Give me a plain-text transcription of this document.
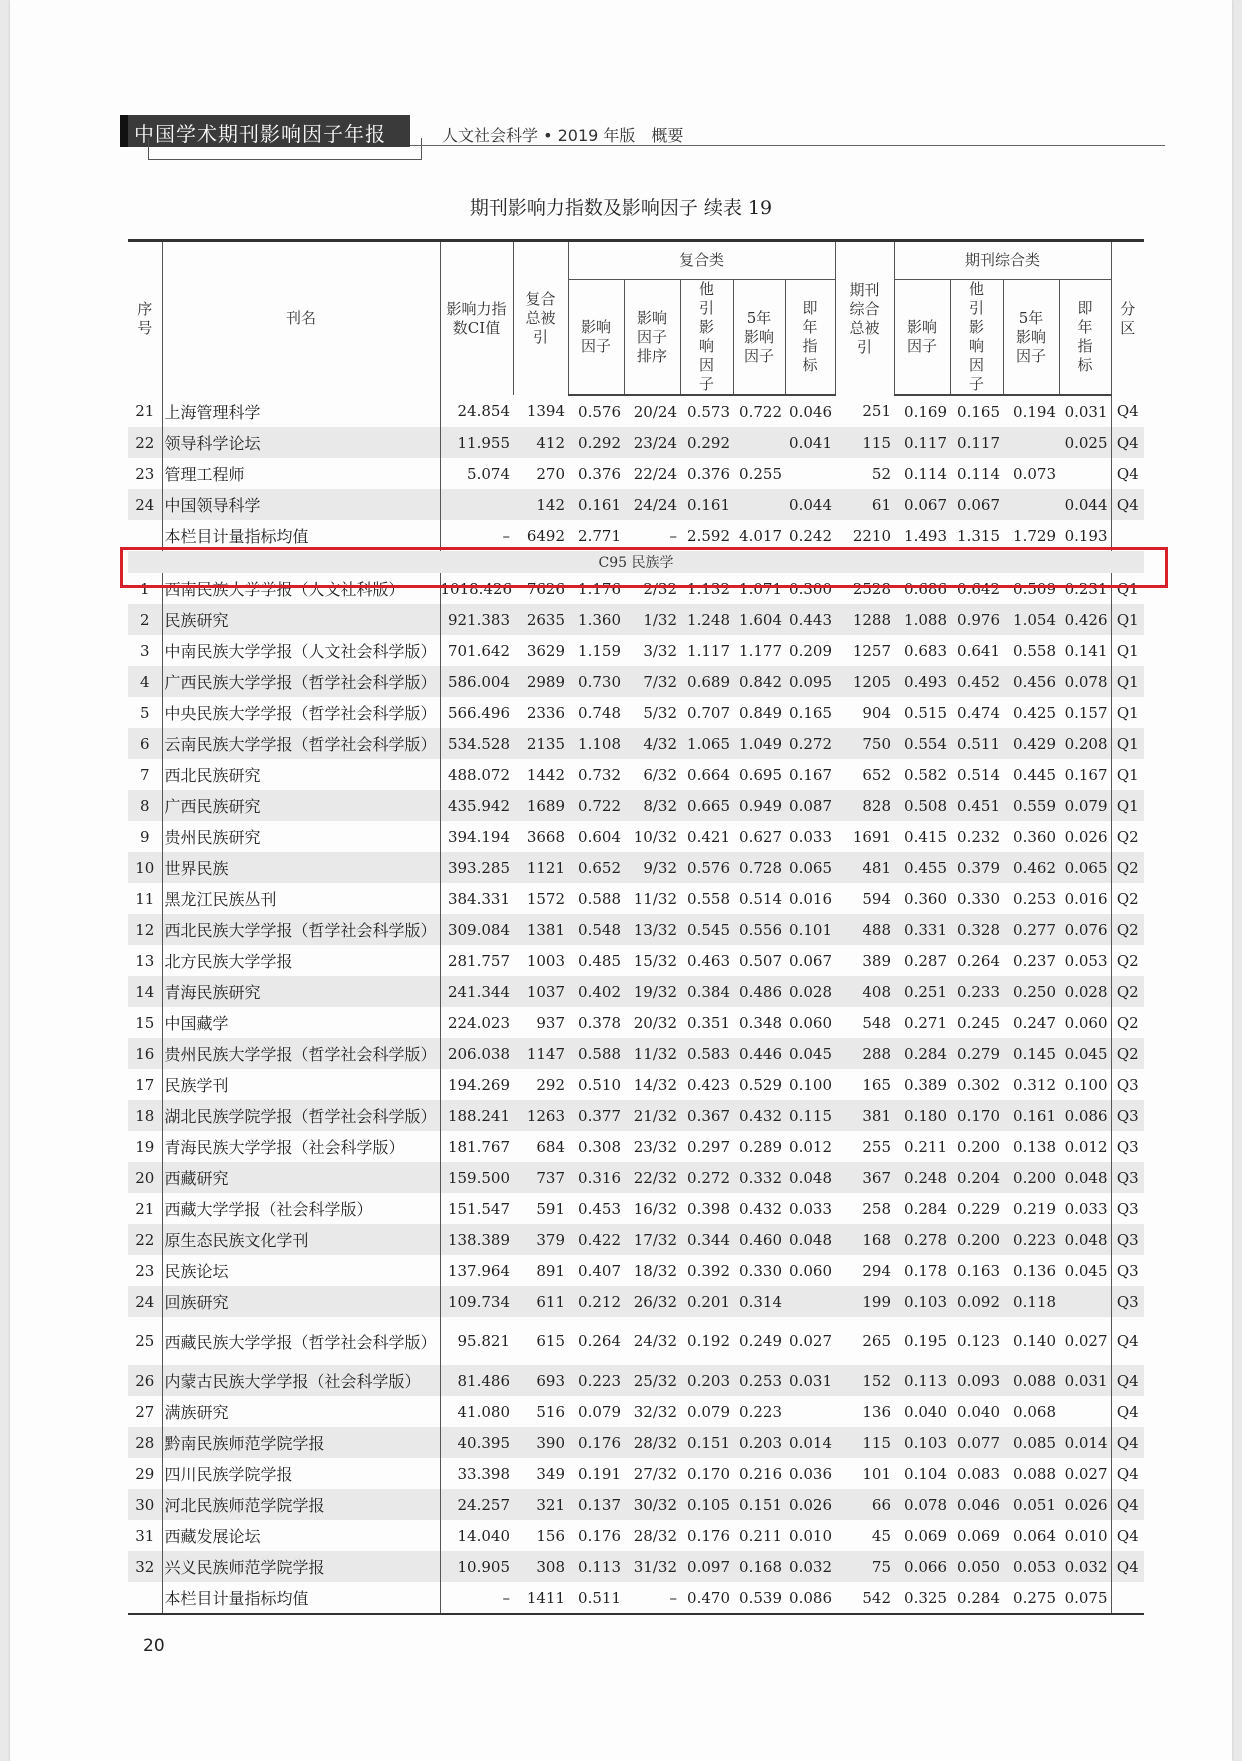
中国学术期刊影响因子年报	人文社会科学 • 2019 年版　概要
期刊影响力指数及影响因子 续表 19
序号	刊名	影响力指数CI值	复合总被引	复合类					期刊综合总被引	期刊综合类				分区
				影响因子	影响因子排序	他引影响因子	5年影响因子	即年指标		影响因子	他引影响因子	5年影响因子	即年指标	
21	上海管理科学	24.854	1394	0.576	20/24	0.573	0.722	0.046	251	0.169	0.165	0.194	0.031	Q4
22	领导科学论坛	11.955	412	0.292	23/24	0.292		0.041	115	0.117	0.117		0.025	Q4
23	管理工程师	5.074	270	0.376	22/24	0.376	0.255		52	0.114	0.114	0.073		Q4
24	中国领导科学		142	0.161	24/24	0.161		0.044	61	0.067	0.067		0.044	Q4
	本栏目计量指标均值	–	6492	2.771	–	2.592	4.017	0.242	2210	1.493	1.315	1.729	0.193	
C95 民族学														
1	西南民族大学学报（人文社科版）	1018.426	7626	1.176	2/32	1.132	1.071	0.300	2528	0.686	0.642	0.509	0.231	Q1
2	民族研究	921.383	2635	1.360	1/32	1.248	1.604	0.443	1288	1.088	0.976	1.054	0.426	Q1
3	中南民族大学学报（人文社会科学版）	701.642	3629	1.159	3/32	1.117	1.177	0.209	1257	0.683	0.641	0.558	0.141	Q1
4	广西民族大学学报（哲学社会科学版）	586.004	2989	0.730	7/32	0.689	0.842	0.095	1205	0.493	0.452	0.456	0.078	Q1
5	中央民族大学学报（哲学社会科学版）	566.496	2336	0.748	5/32	0.707	0.849	0.165	904	0.515	0.474	0.425	0.157	Q1
6	云南民族大学学报（哲学社会科学版）	534.528	2135	1.108	4/32	1.065	1.049	0.272	750	0.554	0.511	0.429	0.208	Q1
7	西北民族研究	488.072	1442	0.732	6/32	0.664	0.695	0.167	652	0.582	0.514	0.445	0.167	Q1
8	广西民族研究	435.942	1689	0.722	8/32	0.665	0.949	0.087	828	0.508	0.451	0.559	0.079	Q1
9	贵州民族研究	394.194	3668	0.604	10/32	0.421	0.627	0.033	1691	0.415	0.232	0.360	0.026	Q2
10	世界民族	393.285	1121	0.652	9/32	0.576	0.728	0.065	481	0.455	0.379	0.462	0.065	Q2
11	黑龙江民族丛刊	384.331	1572	0.588	11/32	0.558	0.514	0.016	594	0.360	0.330	0.253	0.016	Q2
12	西北民族大学学报（哲学社会科学版）	309.084	1381	0.548	13/32	0.545	0.556	0.101	488	0.331	0.328	0.277	0.076	Q2
13	北方民族大学学报	281.757	1003	0.485	15/32	0.463	0.507	0.067	389	0.287	0.264	0.237	0.053	Q2
14	青海民族研究	241.344	1037	0.402	19/32	0.384	0.486	0.028	408	0.251	0.233	0.250	0.028	Q2
15	中国藏学	224.023	937	0.378	20/32	0.351	0.348	0.060	548	0.271	0.245	0.247	0.060	Q2
16	贵州民族大学学报（哲学社会科学版）	206.038	1147	0.588	11/32	0.583	0.446	0.045	288	0.284	0.279	0.145	0.045	Q2
17	民族学刊	194.269	292	0.510	14/32	0.423	0.529	0.100	165	0.389	0.302	0.312	0.100	Q3
18	湖北民族学院学报（哲学社会科学版）	188.241	1263	0.377	21/32	0.367	0.432	0.115	381	0.180	0.170	0.161	0.086	Q3
19	青海民族大学学报（社会科学版）	181.767	684	0.308	23/32	0.297	0.289	0.012	255	0.211	0.200	0.138	0.012	Q3
20	西藏研究	159.500	737	0.316	22/32	0.272	0.332	0.048	367	0.248	0.204	0.200	0.048	Q3
21	西藏大学学报（社会科学版）	151.547	591	0.453	16/32	0.398	0.432	0.033	258	0.284	0.229	0.219	0.033	Q3
22	原生态民族文化学刊	138.389	379	0.422	17/32	0.344	0.460	0.048	168	0.278	0.200	0.223	0.048	Q3
23	民族论坛	137.964	891	0.407	18/32	0.392	0.330	0.060	294	0.178	0.163	0.136	0.045	Q3
24	回族研究	109.734	611	0.212	26/32	0.201	0.314		199	0.103	0.092	0.118		Q3
25	西藏民族大学学报（哲学社会科学版）	95.821	615	0.264	24/32	0.192	0.249	0.027	265	0.195	0.123	0.140	0.027	Q4
26	内蒙古民族大学学报（社会科学版）	81.486	693	0.223	25/32	0.203	0.253	0.031	152	0.113	0.093	0.088	0.031	Q4
27	满族研究	41.080	516	0.079	32/32	0.079	0.223		136	0.040	0.040	0.068		Q4
28	黔南民族师范学院学报	40.395	390	0.176	28/32	0.151	0.203	0.014	115	0.103	0.077	0.085	0.014	Q4
29	四川民族学院学报	33.398	349	0.191	27/32	0.170	0.216	0.036	101	0.104	0.083	0.088	0.027	Q4
30	河北民族师范学院学报	24.257	321	0.137	30/32	0.105	0.151	0.026	66	0.078	0.046	0.051	0.026	Q4
31	西藏发展论坛	14.040	156	0.176	28/32	0.176	0.211	0.010	45	0.069	0.069	0.064	0.010	Q4
32	兴义民族师范学院学报	10.905	308	0.113	31/32	0.097	0.168	0.032	75	0.066	0.050	0.053	0.032	Q4
	本栏目计量指标均值	–	1411	0.511	–	0.470	0.539	0.086	542	0.325	0.284	0.275	0.075	
20
